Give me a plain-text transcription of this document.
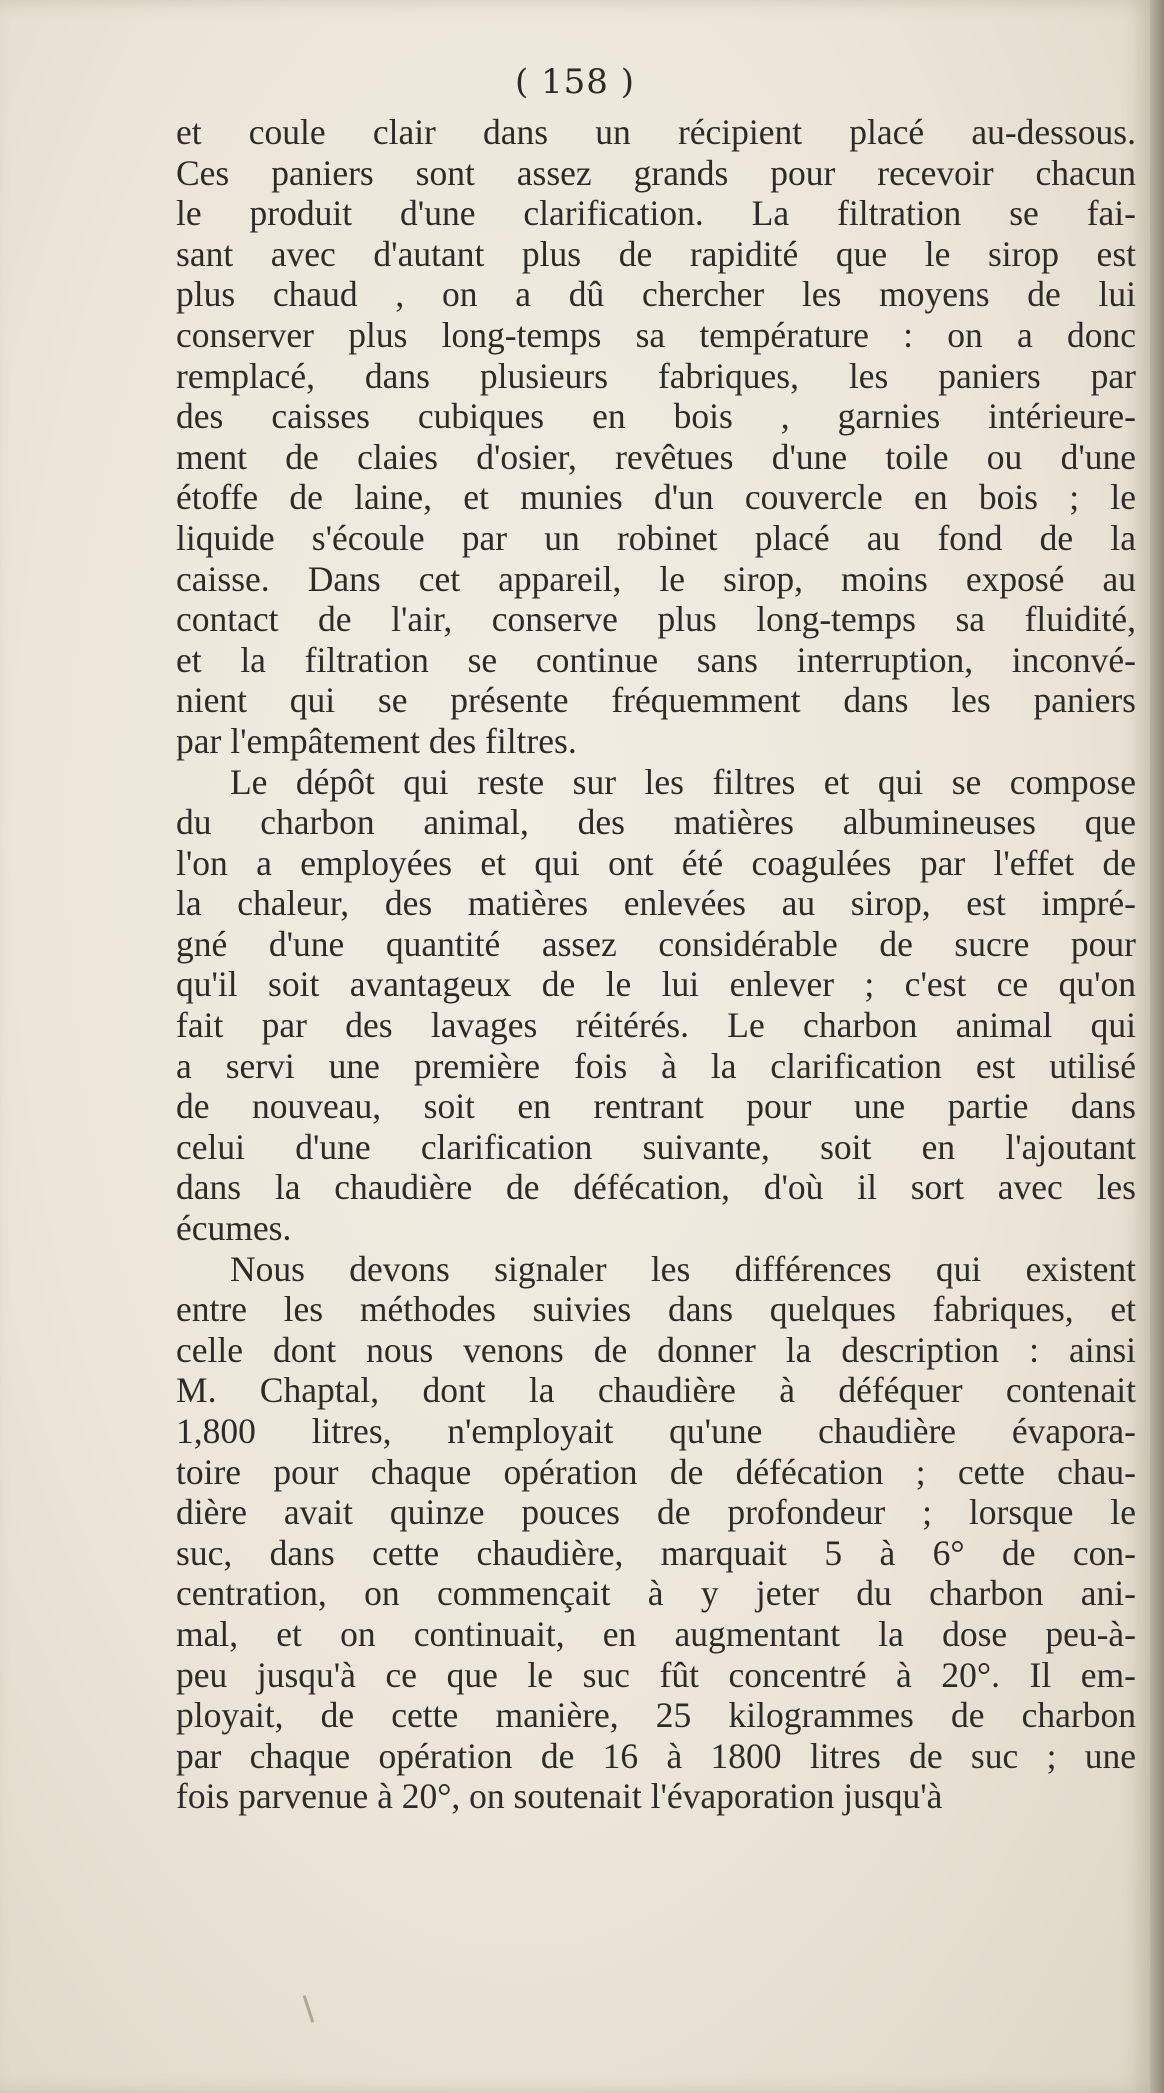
( 158 )
et coule clair dans un récipient placé au-dessous.
Ces paniers sont assez grands pour recevoir chacun
le produit d'une clarification. La filtration se fai-
sant avec d'autant plus de rapidité que le sirop est
plus chaud , on a dû chercher les moyens de lui
conserver plus long-temps sa température : on a donc
remplacé, dans plusieurs fabriques, les paniers par
des caisses cubiques en bois , garnies intérieure-
ment de claies d'osier, revêtues d'une toile ou d'une
étoffe de laine, et munies d'un couvercle en bois ; le
liquide s'écoule par un robinet placé au fond de la
caisse. Dans cet appareil, le sirop, moins exposé au
contact de l'air, conserve plus long-temps sa fluidité,
et la filtration se continue sans interruption, inconvé-
nient qui se présente fréquemment dans les paniers
par l'empâtement des filtres.
Le dépôt qui reste sur les filtres et qui se compose
du charbon animal, des matières albumineuses que
l'on a employées et qui ont été coagulées par l'effet de
la chaleur, des matières enlevées au sirop, est impré-
gné d'une quantité assez considérable de sucre pour
qu'il soit avantageux de le lui enlever ; c'est ce qu'on
fait par des lavages réitérés. Le charbon animal qui
a servi une première fois à la clarification est utilisé
de nouveau, soit en rentrant pour une partie dans
celui d'une clarification suivante, soit en l'ajoutant
dans la chaudière de défécation, d'où il sort avec les
écumes.
Nous devons signaler les différences qui existent
entre les méthodes suivies dans quelques fabriques, et
celle dont nous venons de donner la description : ainsi
M. Chaptal, dont la chaudière à déféquer contenait
1,800 litres, n'employait qu'une chaudière évapora-
toire pour chaque opération de défécation ; cette chau-
dière avait quinze pouces de profondeur ; lorsque le
suc, dans cette chaudière, marquait 5 à 6° de con-
centration, on commençait à y jeter du charbon ani-
mal, et on continuait, en augmentant la dose peu-à-
peu jusqu'à ce que le suc fût concentré à 20°. Il em-
ployait, de cette manière, 25 kilogrammes de charbon
par chaque opération de 16 à 1800 litres de suc ; une
fois parvenue à 20°, on soutenait l'évaporation jusqu'à
